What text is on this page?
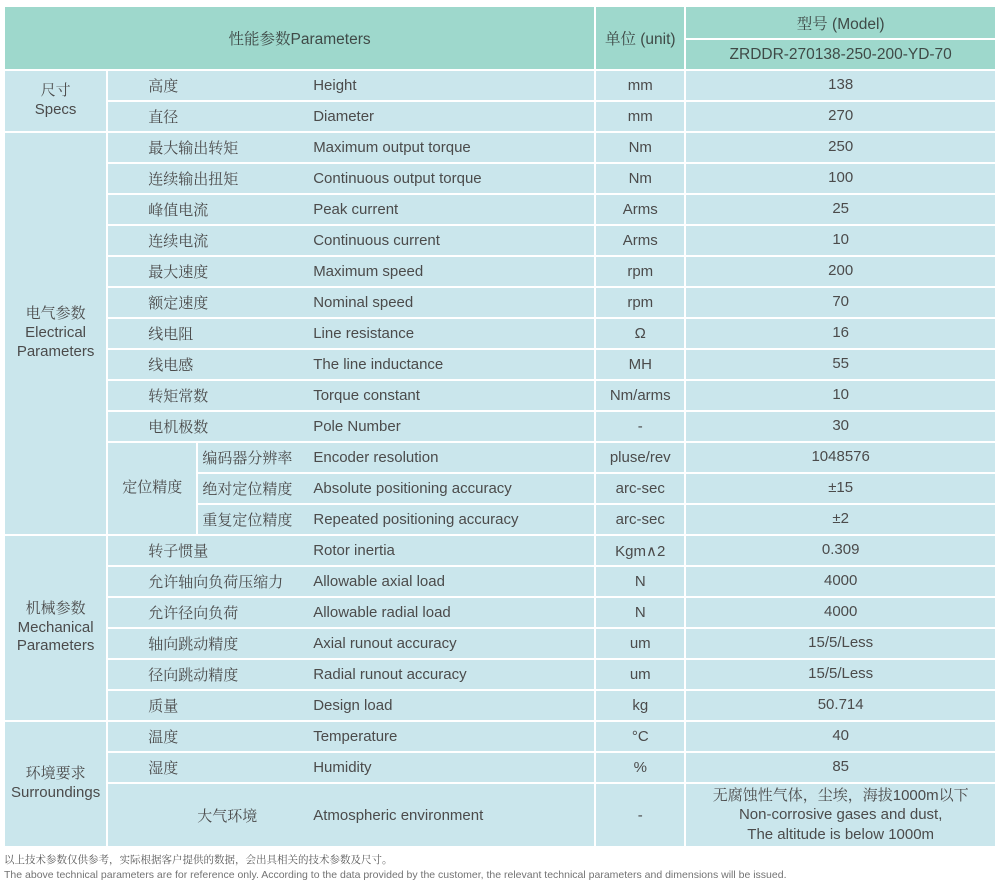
性能参数Parameters			单位 (unit)	型号 (Model)
				ZRDDR-270138-250-200-YD-70

尺寸
Specs

高度	Height	mm	138

	直径 Diameter		mm	270

电气参数
Electrical Parameters

最大输出转矩	Maximum output torque	Nm	250

	连续输出扭矩 Continuous output torque		Nm	100

	峰值电流 Peak current		Arms	25

	连续电流 Continuous current		Arms	10

	最大速度 Maximum speed		rpm	200

	额定速度 Nominal speed		rpm	70

	线电阻 Line resistance		Ω	16

	线电感 The line inductance		MH	55

	转矩常数 Torque constant		Nm/arms	10

	电机极数 Pole Number		-	30
	定位精度	编码器分辨率 Encoder resolution	pluse/rev	1048576

		绝对定位精度 Absolute positioning accuracy	arc-sec	±15

		重复定位精度 Repeated positioning accuracy	arc-sec	±2

机械参数
Mechanical Parameters

转子惯量	Rotor inertia	Kgm∧2	0.309

	允许轴向负荷压缩力 Allowable axial load		N	4000

	允许径向负荷 Allowable radial load		N	4000

	轴向跳动精度 Axial runout accuracy		um	15/5/Less

	径向跳动精度 Radial runout accuracy		um	15/5/Less

	质量 Design load		kg	50.714

环境要求
Surroundings

温度	Temperature	°C	40

	湿度 Humidity		%	85

大气环境	Atmospheric environment	-	
无腐蚀性气体，尘埃，海拔1000m以下
Non-corrosive gases and dust,
The altitude is below 1000m
以上技术参数仅供参考，实际根据客户提供的数据，会出具相关的技术参数及尺寸。
The above technical parameters are for reference only. According to the data provided by the customer, the relevant technical parameters and dimensions will be issued.
